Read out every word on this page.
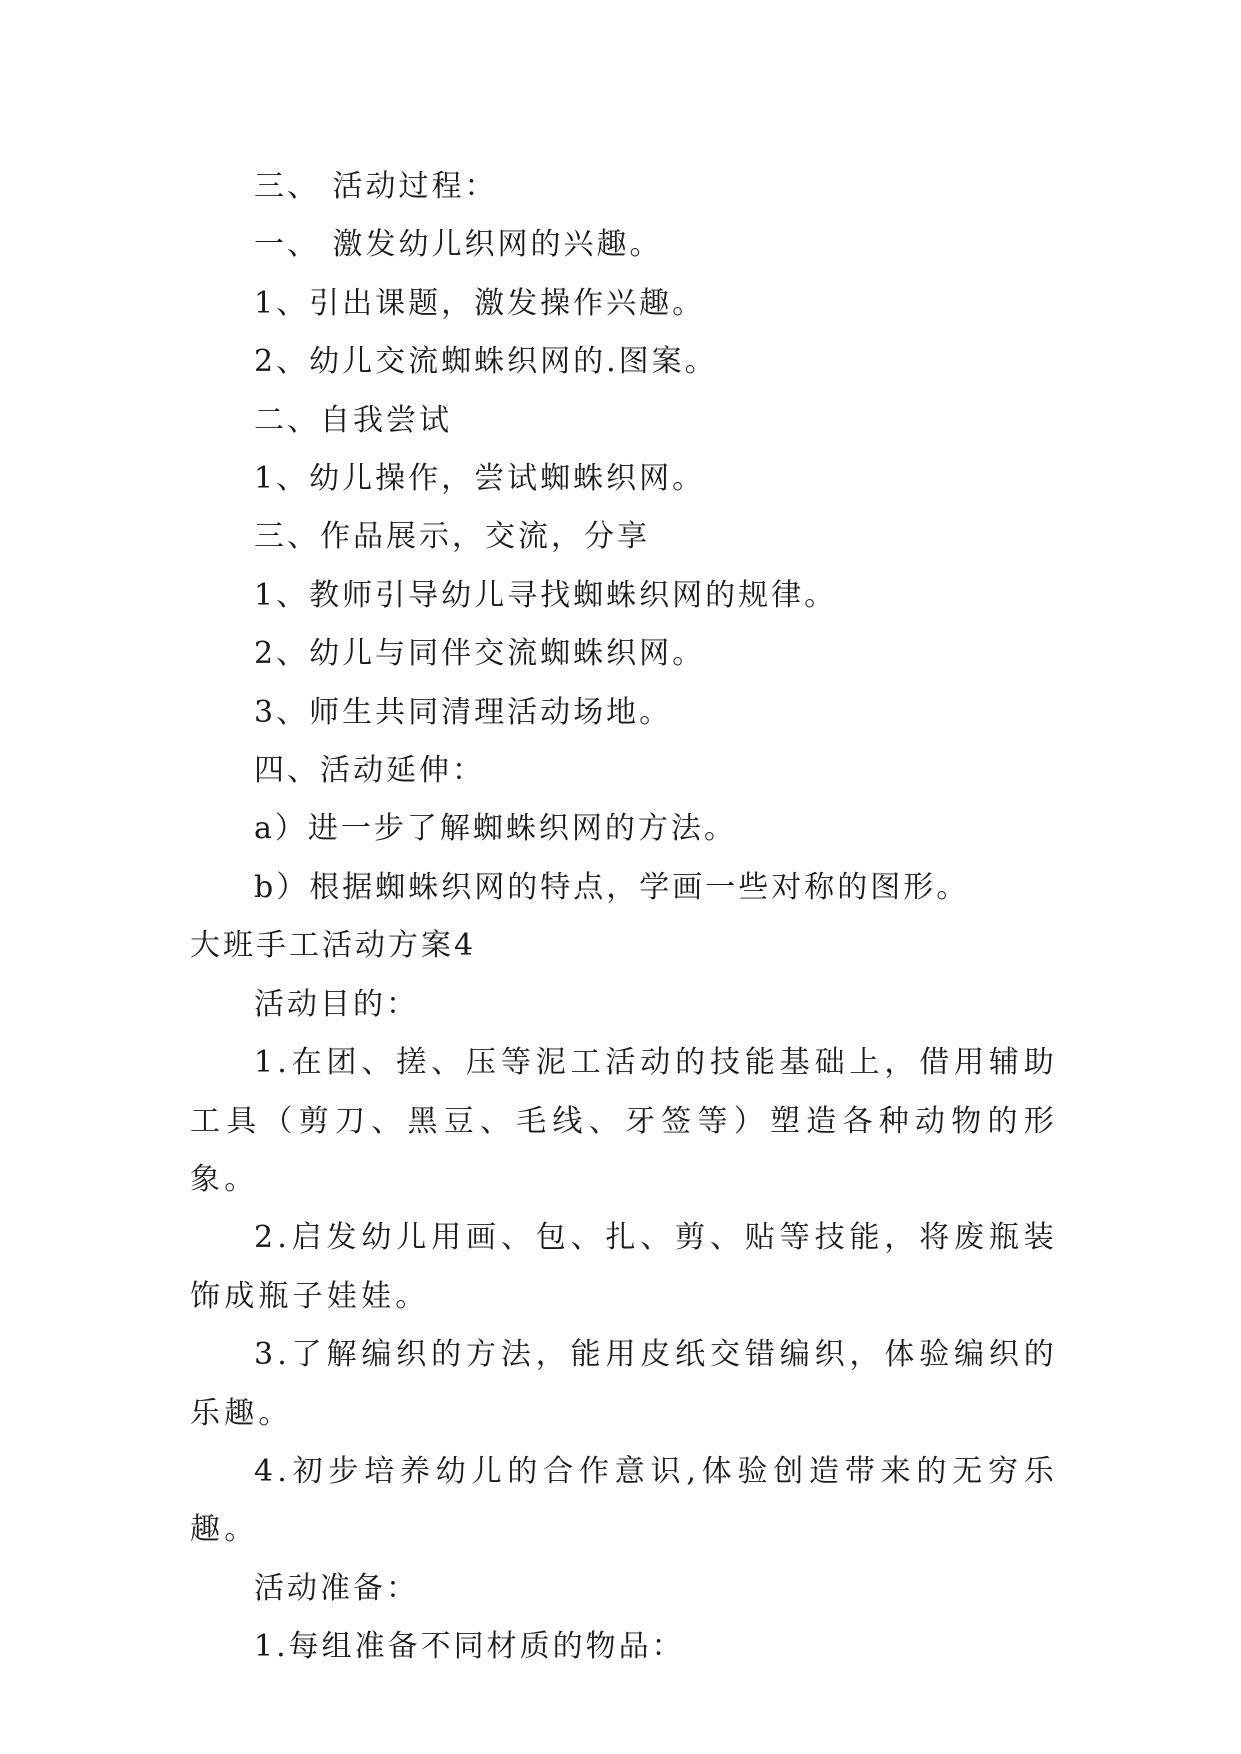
三、 活动过程：

一、 激发幼儿织网的兴趣。

1、引出课题，激发操作兴趣。

2、幼儿交流蜘蛛织网的.图案。

二、自我尝试

1、幼儿操作，尝试蜘蛛织网。

三、作品展示，交流，分享

1、教师引导幼儿寻找蜘蛛织网的规律。

2、幼儿与同伴交流蜘蛛织网。

3、师生共同清理活动场地。

四、活动延伸：

a）进一步了解蜘蛛织网的方法。

b）根据蜘蛛织网的特点，学画一些对称的图形。

大班手工活动方案4

活动目的：

1.在团、搓、压等泥工活动的技能基础上，借用辅助工具（剪刀、黑豆、毛线、牙签等）塑造各种动物的形象。

2.启发幼儿用画、包、扎、剪、贴等技能，将废瓶装饰成瓶子娃娃。

3.了解编织的方法，能用皮纸交错编织，体验编织的乐趣。

4.初步培养幼儿的合作意识,体验创造带来的无穷乐趣。

活动准备：

1.每组准备不同材质的物品：
